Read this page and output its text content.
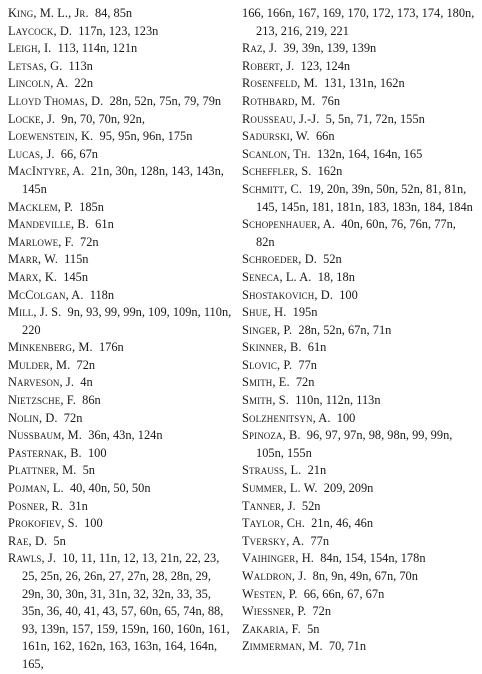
King, M. L., Jr. 84, 85n

Laycock, D. 117n, 123, 123n

Leigh, I. 113, 114n, 121n

Letsas, G. 113n

Lincoln, A. 22n

Lloyd Thomas, D. 28n, 52n, 75n, 79, 79n

Locke, J. 9n, 70, 70n, 92n,

Loewenstein, K. 95, 95n, 96n, 175n

Lucas, J. 66, 67n

MacIntyre, A. 21n, 30n, 128n, 143, 143n, 145n

Macklem, P. 185n

Mandeville, B. 61n

Marlowe, F. 72n

Marr, W. 115n

Marx, K. 145n

McColgan, A. 118n

Mill, J. S. 9n, 93, 99, 99n, 109, 109n, 110n, 220

Minkenberg, M. 176n

Mulder, M. 72n

Narveson, J. 4n

Nietzsche, F. 86n

Nolin, D. 72n

Nussbaum, M. 36n, 43n, 124n

Pasternak, B. 100

Plattner, M. 5n

Pojman, L. 40, 40n, 50, 50n

Posner, R. 31n

Prokofiev, S. 100

Rae, D. 5n

Rawls, J. 10, 11, 11n, 12, 13, 21n, 22, 23, 25, 25n, 26, 26n, 27, 27n, 28, 28n, 29, 29n, 30, 30n, 31, 31n, 32, 32n, 33, 35, 35n, 36, 40, 41, 43, 57, 60n, 65, 74n, 88, 93, 139n, 157, 159, 159n, 160, 160n, 161, 161n, 162, 162n, 163, 163n, 164, 164n, 165,

166, 166n, 167, 169, 170, 172, 173, 174, 180n, 213, 216, 219, 221

Raz, J. 39, 39n, 139, 139n

Robert, J. 123, 124n

Rosenfeld, M. 131, 131n, 162n

Rothbard, M. 76n

Rousseau, J.-J. 5, 5n, 71, 72n, 155n

Sadurski, W. 66n

Scanlon, Th. 132n, 164, 164n, 165

Scheffler, S. 162n

Schmitt, C. 19, 20n, 39n, 50n, 52n, 81, 81n, 145, 145n, 181, 181n, 183, 183n, 184, 184n

Schopenhauer, A. 40n, 60n, 76, 76n, 77n, 82n

Schroeder, D. 52n

Seneca, L. A. 18, 18n

Shostakovich, D. 100

Shue, H. 195n

Singer, P. 28n, 52n, 67n, 71n

Skinner, B. 61n

Slovic, P. 77n

Smith, E. 72n

Smith, S. 110n, 112n, 113n

Solzhenitsyn, A. 100

Spinoza, B. 96, 97, 97n, 98, 98n, 99, 99n, 105n, 155n

Strauss, L. 21n

Summer, L. W. 209, 209n

Tanner, J. 52n

Taylor, Ch. 21n, 46, 46n

Tversky, A. 77n

Vaihinger, H. 84n, 154, 154n, 178n

Waldron, J. 8n, 9n, 49n, 67n, 70n

Westen, P. 66, 66n, 67, 67n

Wiessner, P. 72n

Zakaria, F. 5n

Zimmerman, M. 70, 71n
